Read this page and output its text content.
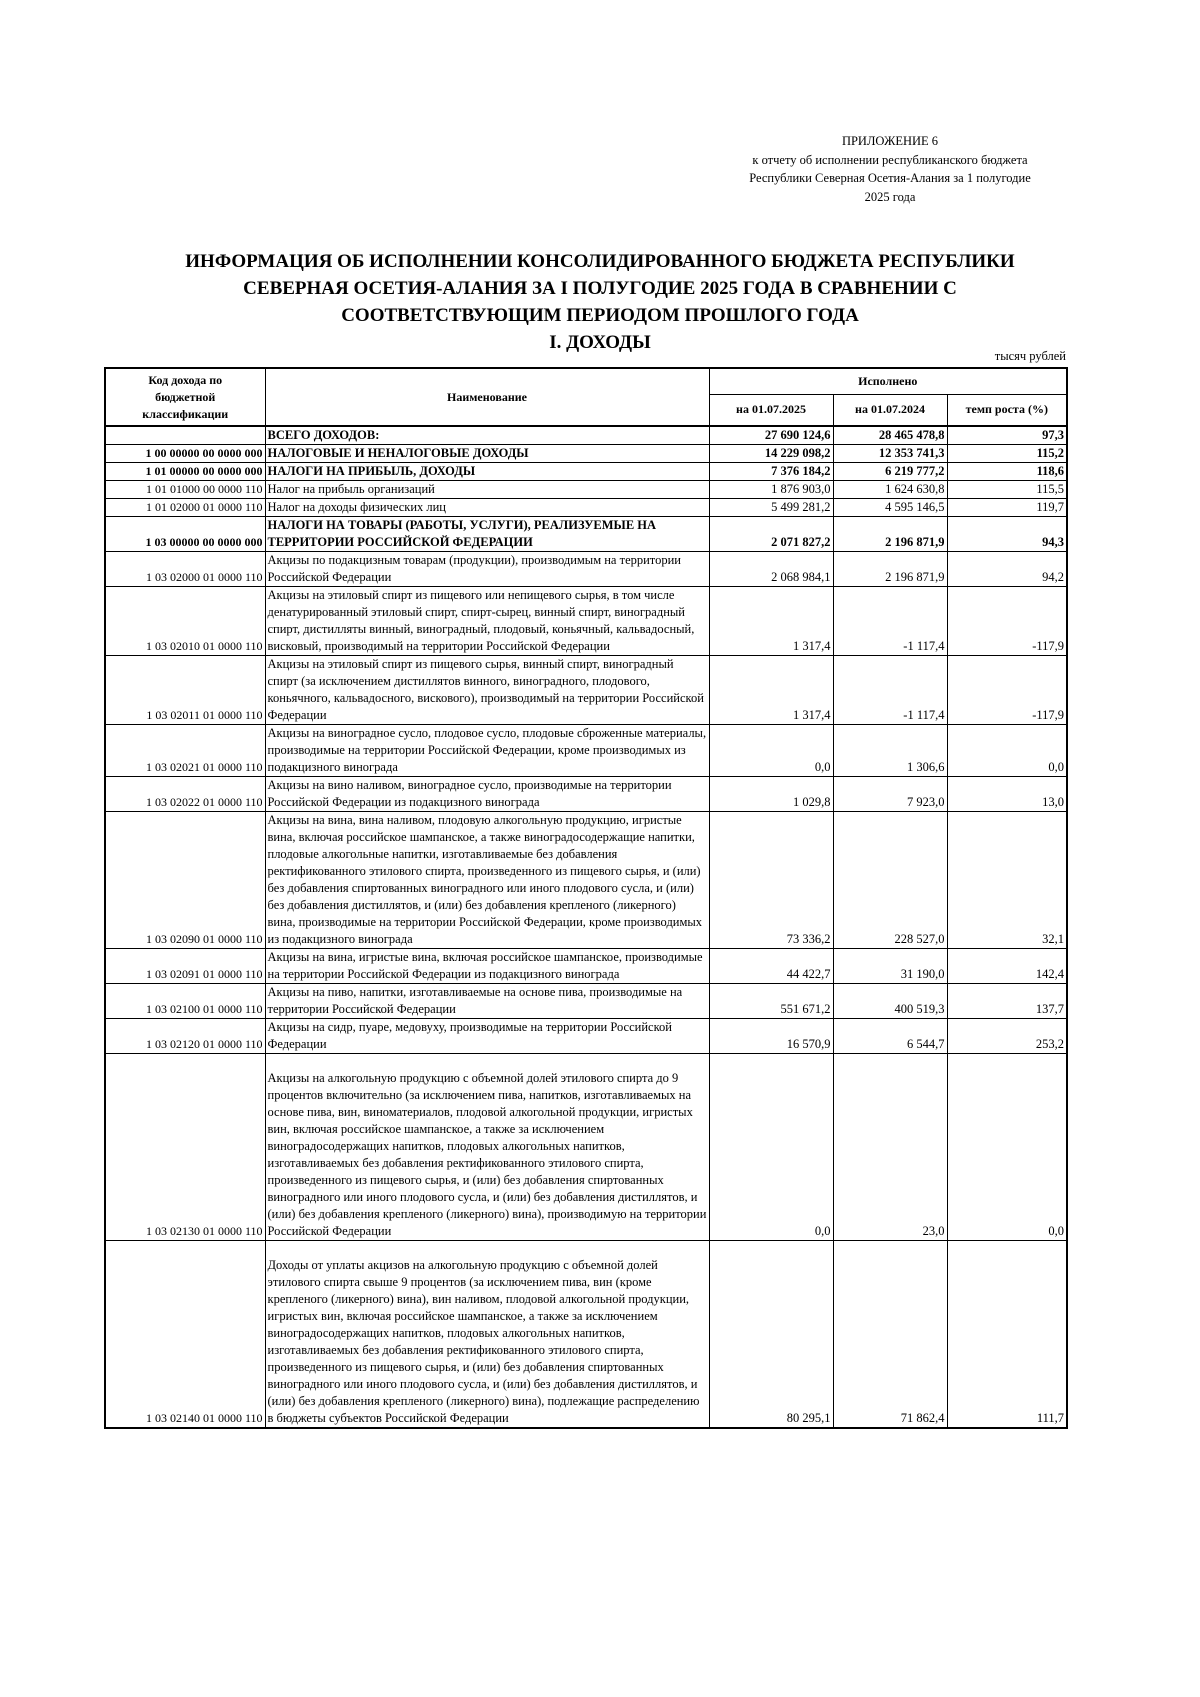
ПРИЛОЖЕНИЕ 6
к отчету об исполнении республиканского бюджета
Республики Северная Осетия-Алания за 1 полугодие
2025 года
ИНФОРМАЦИЯ ОБ ИСПОЛНЕНИИ КОНСОЛИДИРОВАННОГО БЮДЖЕТА РЕСПУБЛИКИ
СЕВЕРНАЯ ОСЕТИЯ-АЛАНИЯ ЗА I ПОЛУГОДИЕ 2025 ГОДА В СРАВНЕНИИ С
СООТВЕТСТВУЮЩИМ ПЕРИОДОМ ПРОШЛОГО ГОДА
I. ДОХОДЫ
тысяч рублей
Код дохода по бюджетной классификации	Наименование	Исполнено		
		на 01.07.2025	на 01.07.2024	темп роста (%)
	ВСЕГО ДОХОДОВ:	27 690 124,6	28 465 478,8	97,3
1 00 00000 00 0000 000	НАЛОГОВЫЕ И НЕНАЛОГОВЫЕ ДОХОДЫ	14 229 098,2	12 353 741,3	115,2
1 01 00000 00 0000 000	НАЛОГИ НА ПРИБЫЛЬ, ДОХОДЫ	7 376 184,2	6 219 777,2	118,6
1 01 01000 00 0000 110	Налог на прибыль организаций	1 876 903,0	1 624 630,8	115,5
1 01 02000 01 0000 110	Налог на доходы физических лиц	5 499 281,2	4 595 146,5	119,7
1 03 00000 00 0000 000	НАЛОГИ НА ТОВАРЫ (РАБОТЫ, УСЛУГИ), РЕАЛИЗУЕМЫЕ НА ТЕРРИТОРИИ РОССИЙСКОЙ ФЕДЕРАЦИИ	2 071 827,2	2 196 871,9	94,3
1 03 02000 01 0000 110	Акцизы по подакцизным товарам (продукции), производимым на территории Российской Федерации	2 068 984,1	2 196 871,9	94,2
1 03 02010 01 0000 110	Акцизы на этиловый спирт из пищевого или непищевого сырья, в том числе денатурированный этиловый спирт, спирт-сырец, винный спирт, виноградный спирт, дистилляты винный, виноградный, плодовый, коньячный, кальвадосный, висковый, производимый на территории Российской Федерации	1 317,4	-1 117,4	-117,9
1 03 02011 01 0000 110	Акцизы на этиловый спирт из пищевого сырья, винный спирт, виноградный спирт (за исключением дистиллятов винного, виноградного, плодового, коньячного, кальвадосного, вискового), производимый на территории Российской Федерации	1 317,4	-1 117,4	-117,9
1 03 02021 01 0000 110	Акцизы на виноградное сусло, плодовое сусло, плодовые сброженные материалы, производимые на территории Российской Федерации, кроме производимых из подакцизного винограда	0,0	1 306,6	0,0
1 03 02022 01 0000 110	Акцизы на вино наливом, виноградное сусло, производимые на территории Российской Федерации из подакцизного винограда	1 029,8	7 923,0	13,0
1 03 02090 01 0000 110	Акцизы на вина, вина наливом, плодовую алкогольную продукцию, игристые вина, включая российское шампанское, а также виноградосодержащие напитки, плодовые алкогольные напитки, изготавливаемые без добавления ректификованного этилового спирта, произведенного из пищевого сырья, и (или) без добавления спиртованных виноградного или иного плодового сусла, и (или) без добавления дистиллятов, и (или) без добавления крепленого (ликерного) вина, производимые на территории Российской Федерации, кроме производимых из подакцизного винограда	73 336,2	228 527,0	32,1
1 03 02091 01 0000 110	Акцизы на вина, игристые вина, включая российское шампанское, производимые на территории Российской Федерации из подакцизного винограда	44 422,7	31 190,0	142,4
1 03 02100 01 0000 110	Акцизы на пиво, напитки, изготавливаемые на основе пива, производимые на территории Российской Федерации	551 671,2	400 519,3	137,7
1 03 02120 01 0000 110	Акцизы на сидр, пуаре, медовуху, производимые на территории Российской Федерации	16 570,9	6 544,7	253,2
1 03 02130 01 0000 110	Акцизы на алкогольную продукцию с объемной долей этилового спирта до 9 процентов включительно (за исключением пива, напитков, изготавливаемых на основе пива, вин, виноматериалов, плодовой алкогольной продукции, игристых вин, включая российское шампанское, а также за исключением виноградосодержащих напитков, плодовых алкогольных напитков, изготавливаемых без добавления ректификованного этилового спирта, произведенного из пищевого сырья, и (или) без добавления спиртованных виноградного или иного плодового сусла, и (или) без добавления дистиллятов, и (или) без добавления крепленого (ликерного) вина), производимую на территории Российской Федерации	0,0	23,0	0,0
1 03 02140 01 0000 110	Доходы от уплаты акцизов на алкогольную продукцию с объемной долей этилового спирта свыше 9 процентов (за исключением пива, вин (кроме крепленого (ликерного) вина), вин наливом, плодовой алкогольной продукции, игристых вин, включая российское шампанское, а также за исключением виноградосодержащих напитков, плодовых алкогольных напитков, изготавливаемых без добавления ректификованного этилового спирта, произведенного из пищевого сырья, и (или) без добавления спиртованных виноградного или иного плодового сусла, и (или) без добавления дистиллятов, и (или) без добавления крепленого (ликерного) вина), подлежащие распределению в бюджеты субъектов Российской Федерации	80 295,1	71 862,4	111,7
